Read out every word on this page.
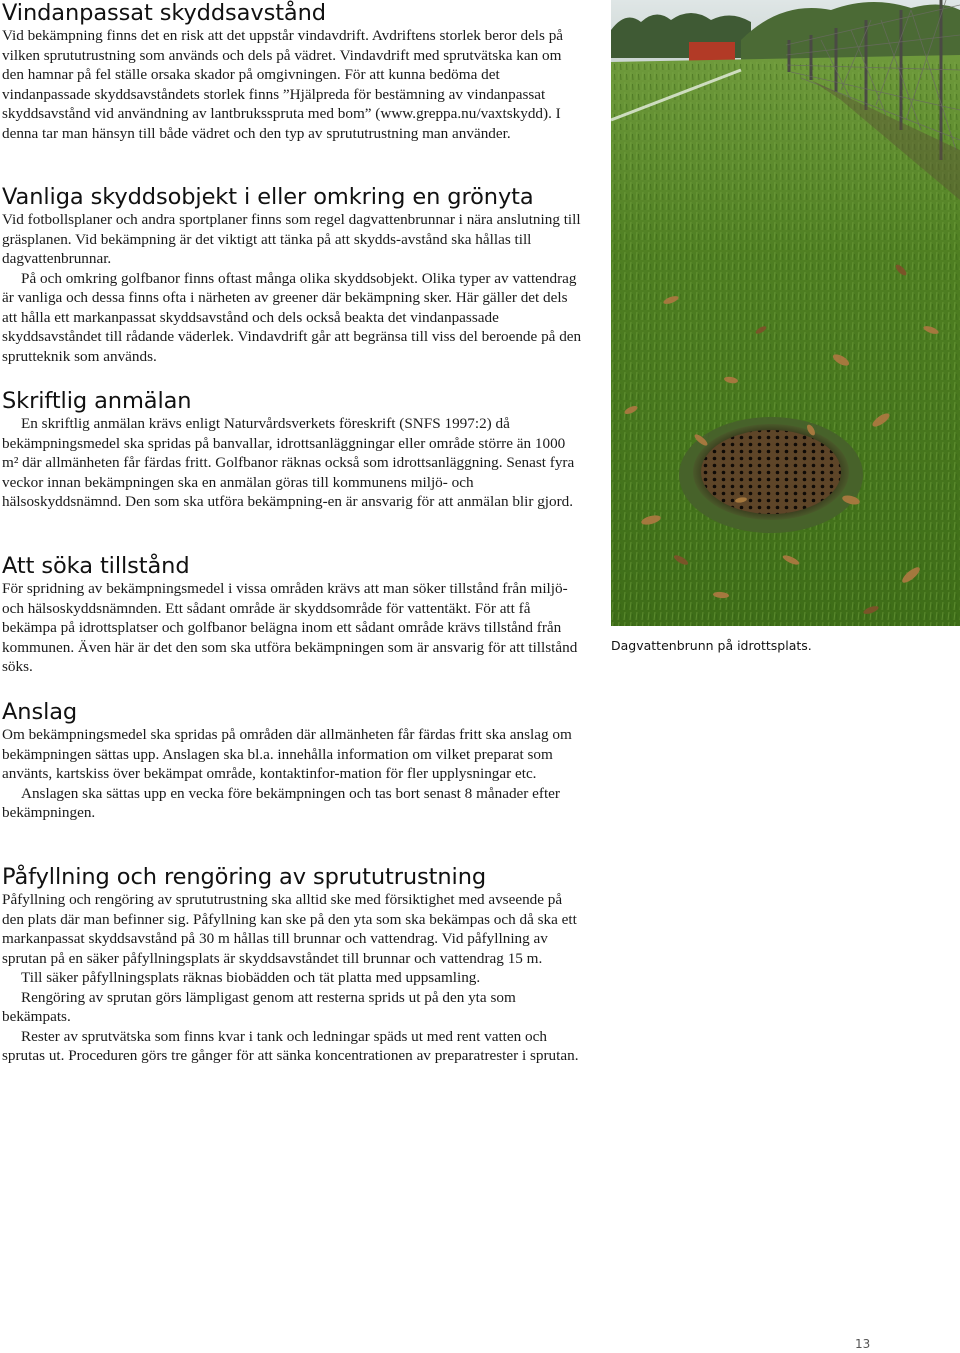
Vindanpassat skyddsavstånd

Vid bekämpning finns det en risk att det uppstår vindavdrift. Avdriftens storlek beror dels på vilken sprututrustning som används och dels på vädret. Vindavdrift med sprutvätska kan om den hamnar på fel ställe orsaka skador på omgivningen. För att kunna bedöma det vindanpassade skyddsavståndets storlek finns ”Hjälpreda för bestämning av vindanpassat skyddsavstånd vid användning av lantbruksspruta med bom” (www.greppa.nu/vaxtskydd). I denna tar man hänsyn till både vädret och den typ av sprututrustning man använder.

Vanliga skyddsobjekt i eller omkring en grönyta

Vid fotbollsplaner och andra sportplaner finns som regel dagvattenbrunnar i nära anslutning till gräsplanen. Vid bekämpning är det viktigt att tänka på att skydds-avstånd ska hållas till dagvattenbrunnar.

På och omkring golfbanor finns oftast många olika skyddsobjekt. Olika typer av vattendrag är vanliga och dessa finns ofta i närheten av greener där bekämpning sker. Här gäller det dels att hålla ett markanpassat skyddsavstånd och dels också beakta det vindanpassade skyddsavståndet till rådande väderlek. Vindavdrift går att begränsa till viss del beroende på den sprutteknik som används.

Skriftlig anmälan

En skriftlig anmälan krävs enligt Naturvårdsverkets föreskrift (SNFS 1997:2) då bekämpningsmedel ska spridas på banvallar, idrottsanläggningar eller område större än 1000 m² där allmänheten får färdas fritt. Golfbanor räknas också som idrottsanläggning. Senast fyra veckor innan bekämpningen ska en anmälan göras till kommunens miljö- och hälsoskyddsnämnd. Den som ska utföra bekämpning-en är ansvarig för att anmälan blir gjord.

Att söka tillstånd

För spridning av bekämpningsmedel i vissa områden krävs att man söker tillstånd från miljö- och hälsoskyddsnämnden. Ett sådant område är skyddsområde för vattentäkt. För att få bekämpa på idrottsplatser och golfbanor belägna inom ett sådant område krävs tillstånd från kommunen. Även här är det den som ska utföra bekämpningen som är ansvarig för att tillstånd söks.

Anslag

Om bekämpningsmedel ska spridas på områden där allmänheten får färdas fritt ska anslag om bekämpningen sättas upp. Anslagen ska bl.a. innehålla information om vilket preparat som använts, kartskiss över bekämpat område, kontaktinfor-mation för fler upplysningar etc.

Anslagen ska sättas upp en vecka före bekämpningen och tas bort senast 8 månader efter bekämpningen.

Påfyllning och rengöring av sprututrustning

Påfyllning och rengöring av sprututrustning ska alltid ske med försiktighet med avseende på den plats där man befinner sig. Påfyllning kan ske på den yta som ska bekämpas och då ska ett markanpassat skyddsavstånd på 30 m hållas till brunnar och vattendrag. Vid påfyllning av sprutan på en säker påfyllningsplats är skyddsavståndet till brunnar och vattendrag 15 m.

Till säker påfyllningsplats räknas biobädden och tät platta med uppsamling.

Rengöring av sprutan görs lämpligast genom att resterna sprids ut på den yta som bekämpats.

Rester av sprutvätska som finns kvar i tank och ledningar späds ut med rent vatten och sprutas ut. Proceduren görs tre gånger för att sänka koncentrationen av preparatrester i sprutan.

Dagvattenbrunn på idrottsplats.
13
